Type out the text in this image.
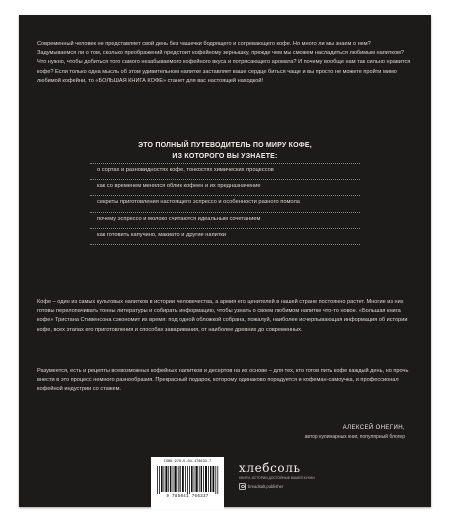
Современный человек не представляет свой день без чашечки бодрящего и согревающего кофе. Но много ли мы знаем о нем? Задумываемся ли о том, сколько преображений предстоит кофейному зернышку, прежде чем мы сможем насладиться любимым напитком? Что нужно, чтобы добиться того самого незабываемого кофейного вкуса и потрясающего аромата? И почему вообще нам так сильно нравится кофе? Если только одна мысль об этом удивительном напитке заставляет ваше сердце биться чаще и вы просто не можете пройти мимо любимой кофейни, то «БОЛЬШАЯ КНИГА КОФЕ» станет для вас настоящей находкой!
ЭТО ПОЛНЫЙ ПУТЕВОДИТЕЛЬ ПО МИРУ КОФЕ,
ИЗ КОТОРОГО ВЫ УЗНАЕТЕ:
о сортах и разновидностях кофе, тонкостях химических процессов
как со временем менялся облик кофеен и их предназначение
секреты приготовления настоящего эспрессо и особенности разного помола
почему эспрессо и молоко считаются идеальным сочетанием
как готовить капучино, макиато и другие напитки
Кофе – один из самых культовых напитков в истории человечества, а армия его ценителей в нашей стране постоянно растет. Многие из них готовы перелопачивать тонны литературы и собирать информацию, чтобы узнать о своем любимом напитке что-то новое. «Большая книга кофе» Тристана Стивенсона сэкономит их время: под одной обложкой собрана, пожалуй, наиболее исчерпывающая информация об истории кофе, всех этапах его приготовления и способах заваривания, от наиболее древних до современных.
Разумеется, есть и рецепты всевозможных кофейных напитков и десертов на их основе – для тех, кто готов пить кофе каждый день, но прочь внести в это процесс немного разнообразия. Прекрасный подарок, которому одинаково порадуется и кофеман-самоучка, и профессионал кофейной индустрии со стажем.
АЛЕКСЕЙ ОНЕГИН,
автор кулинарных книг, популярный блогер
ISBN 978-5-04-176633-7
9 785041 766337
хлебсоль
КНИГИ, ИСТОРИИ ДОСТОЙНЫЕ ВАШЕЙ КУХНИ
breadsalt.publisher
